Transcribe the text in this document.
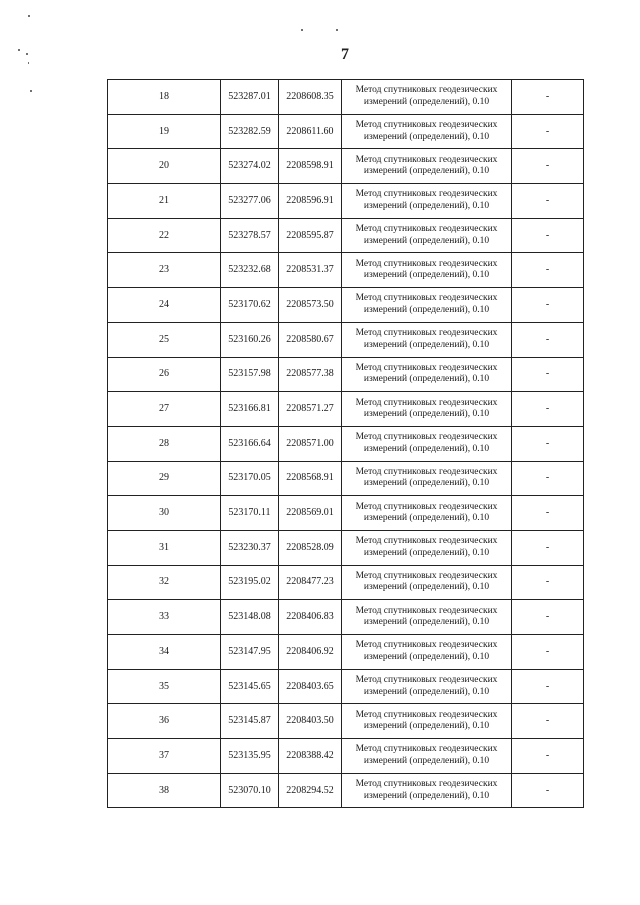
7
18	523287.01	2208608.35	Метод спутниковых геодезических
измерений (определений), 0.10	-
19	523282.59	2208611.60	Метод спутниковых геодезических
измерений (определений), 0.10	-
20	523274.02	2208598.91	Метод спутниковых геодезических
измерений (определений), 0.10	-
21	523277.06	2208596.91	Метод спутниковых геодезических
измерений (определений), 0.10	-
22	523278.57	2208595.87	Метод спутниковых геодезических
измерений (определений), 0.10	-
23	523232.68	2208531.37	Метод спутниковых геодезических
измерений (определений), 0.10	-
24	523170.62	2208573.50	Метод спутниковых геодезических
измерений (определений), 0.10	-
25	523160.26	2208580.67	Метод спутниковых геодезических
измерений (определений), 0.10	-
26	523157.98	2208577.38	Метод спутниковых геодезических
измерений (определений), 0.10	-
27	523166.81	2208571.27	Метод спутниковых геодезических
измерений (определений), 0.10	-
28	523166.64	2208571.00	Метод спутниковых геодезических
измерений (определений), 0.10	-
29	523170.05	2208568.91	Метод спутниковых геодезических
измерений (определений), 0.10	-
30	523170.11	2208569.01	Метод спутниковых геодезических
измерений (определений), 0.10	-
31	523230.37	2208528.09	Метод спутниковых геодезических
измерений (определений), 0.10	-
32	523195.02	2208477.23	Метод спутниковых геодезических
измерений (определений), 0.10	-
33	523148.08	2208406.83	Метод спутниковых геодезических
измерений (определений), 0.10	-
34	523147.95	2208406.92	Метод спутниковых геодезических
измерений (определений), 0.10	-
35	523145.65	2208403.65	Метод спутниковых геодезических
измерений (определений), 0.10	-
36	523145.87	2208403.50	Метод спутниковых геодезических
измерений (определений), 0.10	-
37	523135.95	2208388.42	Метод спутниковых геодезических
измерений (определений), 0.10	-
38	523070.10	2208294.52	Метод спутниковых геодезических
измерений (определений), 0.10	-
